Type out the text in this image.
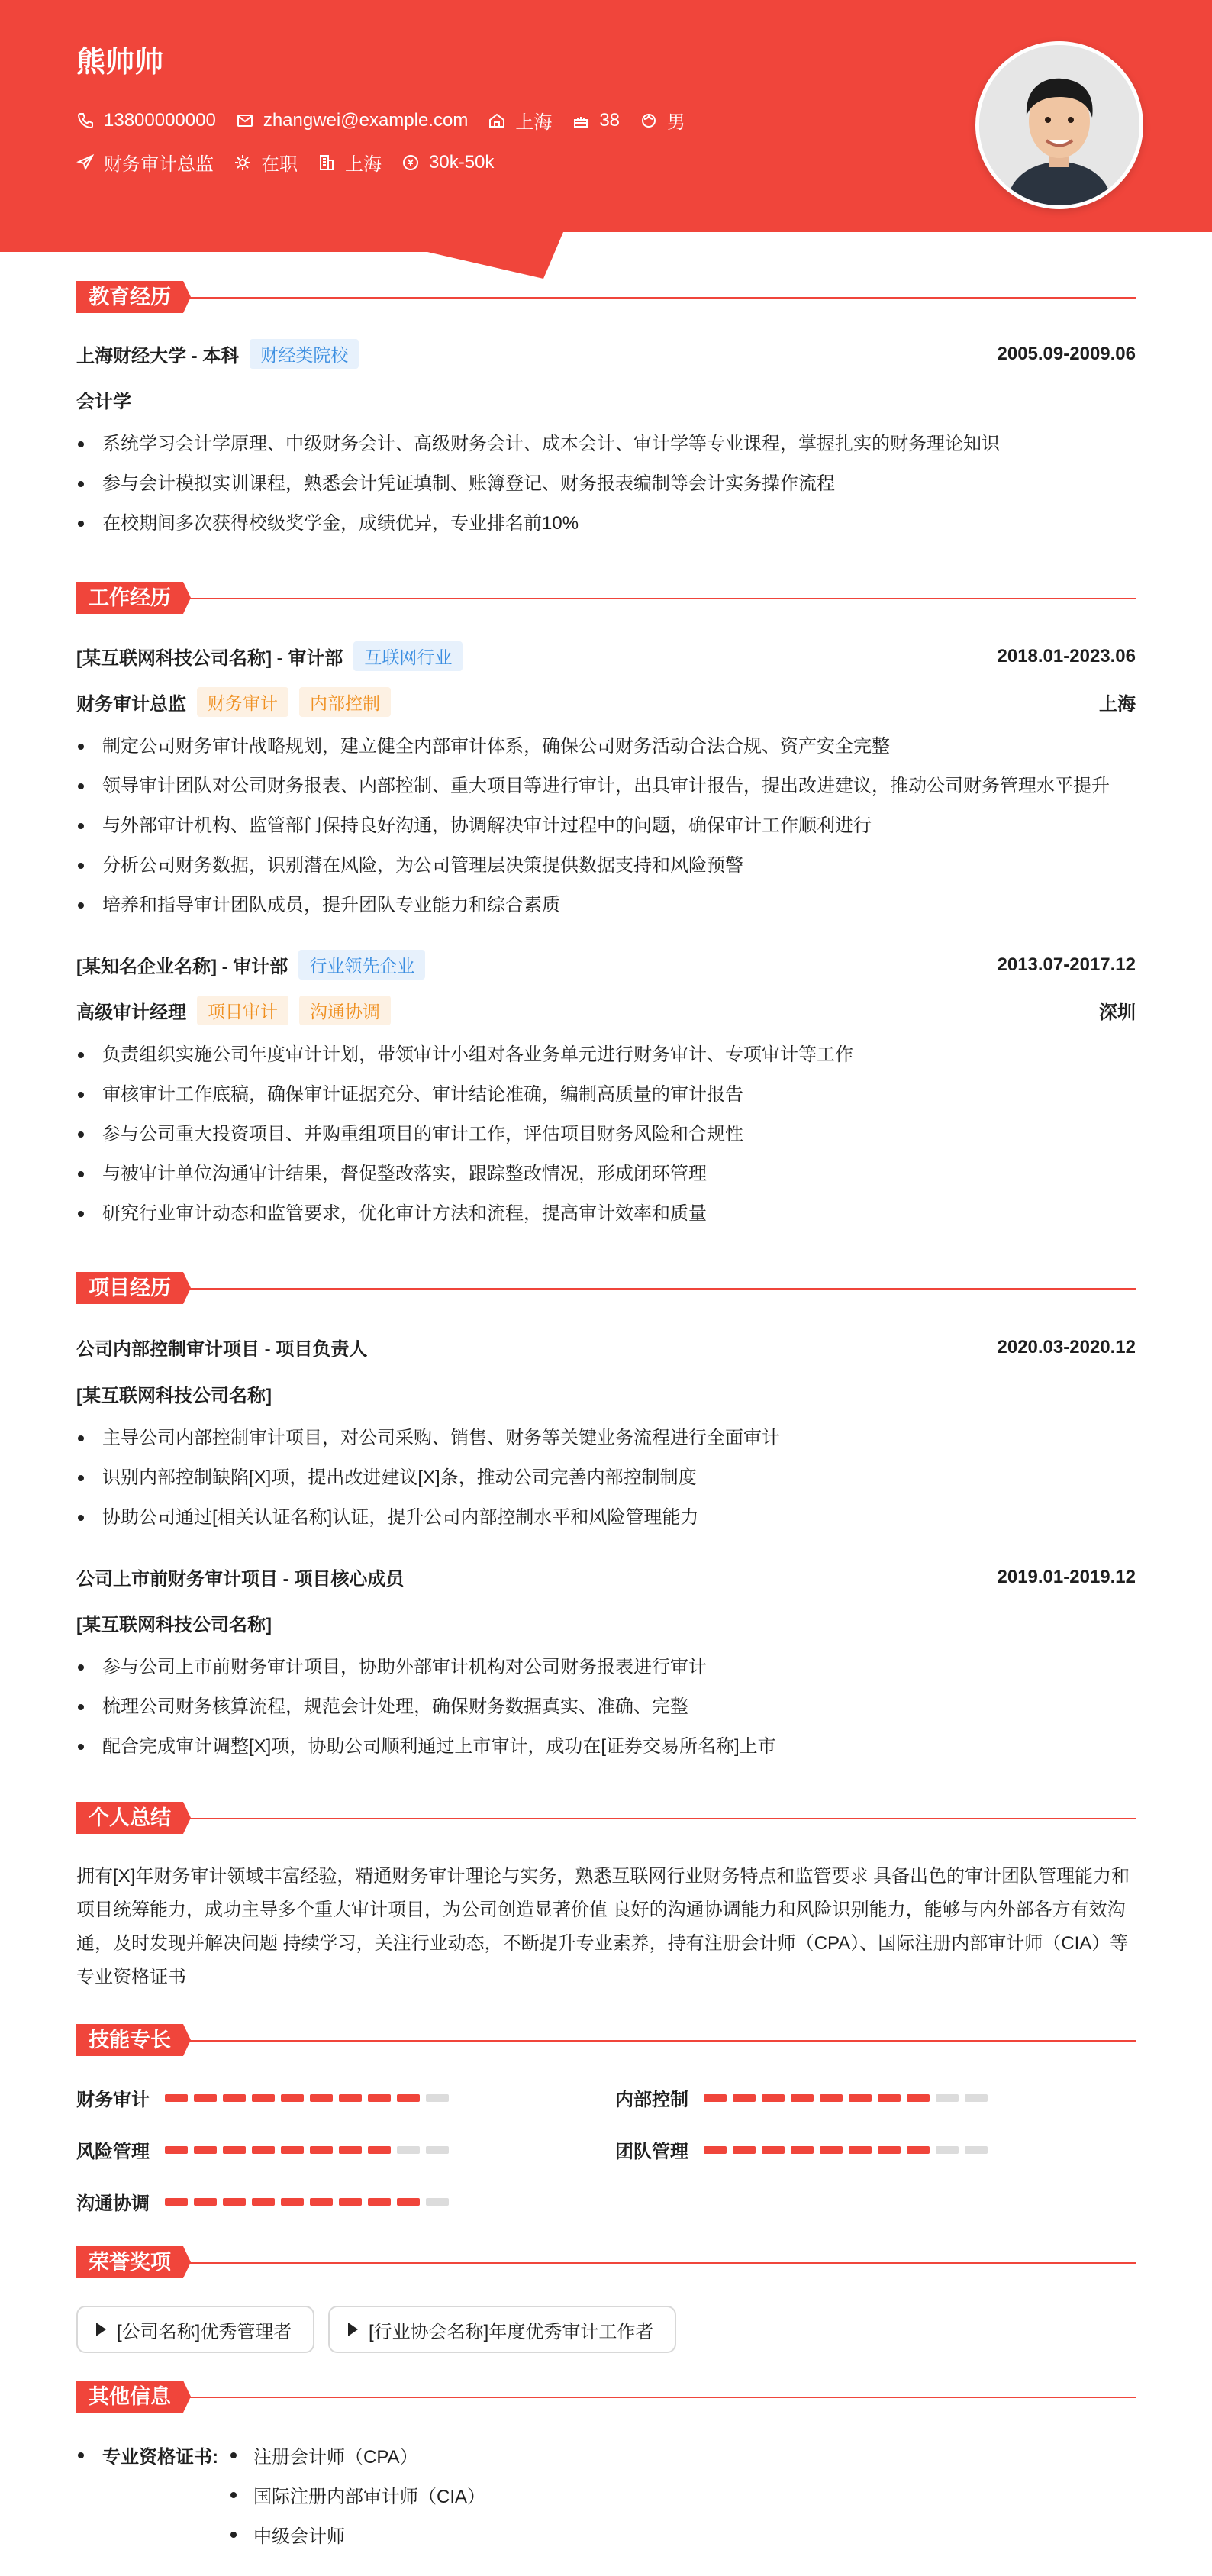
熊帅帅
13800000000	zhangwei@example.com	上海	38	男
财务审计总监	在职	上海	30k-50k
教育经历
上海财经大学 - 本科	财经类院校	2005.09-2009.06
会计学
系统学习会计学原理、中级财务会计、高级财务会计、成本会计、审计学等专业课程，掌握扎实的财务理论知识
参与会计模拟实训课程，熟悉会计凭证填制、账簿登记、财务报表编制等会计实务操作流程
在校期间多次获得校级奖学金，成绩优异，专业排名前10%
工作经历
[某互联网科技公司名称] - 审计部	互联网行业	2018.01-2023.06
财务审计总监	财务审计	内部控制	上海
制定公司财务审计战略规划，建立健全内部审计体系，确保公司财务活动合法合规、资产安全完整
领导审计团队对公司财务报表、内部控制、重大项目等进行审计，出具审计报告，提出改进建议，推动公司财务管理水平提升
与外部审计机构、监管部门保持良好沟通，协调解决审计过程中的问题，确保审计工作顺利进行
分析公司财务数据，识别潜在风险，为公司管理层决策提供数据支持和风险预警
培养和指导审计团队成员，提升团队专业能力和综合素质
[某知名企业名称] - 审计部	行业领先企业	2013.07-2017.12
高级审计经理	项目审计	沟通协调	深圳
负责组织实施公司年度审计计划，带领审计小组对各业务单元进行财务审计、专项审计等工作
审核审计工作底稿，确保审计证据充分、审计结论准确，编制高质量的审计报告
参与公司重大投资项目、并购重组项目的审计工作，评估项目财务风险和合规性
与被审计单位沟通审计结果，督促整改落实，跟踪整改情况，形成闭环管理
研究行业审计动态和监管要求，优化审计方法和流程，提高审计效率和质量
项目经历
公司内部控制审计项目 - 项目负责人	2020.03-2020.12
[某互联网科技公司名称]
主导公司内部控制审计项目，对公司采购、销售、财务等关键业务流程进行全面审计
识别内部控制缺陷[X]项，提出改进建议[X]条，推动公司完善内部控制制度
协助公司通过[相关认证名称]认证，提升公司内部控制水平和风险管理能力
公司上市前财务审计项目 - 项目核心成员	2019.01-2019.12
[某互联网科技公司名称]
参与公司上市前财务审计项目，协助外部审计机构对公司财务报表进行审计
梳理公司财务核算流程，规范会计处理，确保财务数据真实、准确、完整
配合完成审计调整[X]项，协助公司顺利通过上市审计，成功在[证券交易所名称]上市
个人总结
拥有[X]年财务审计领域丰富经验，精通财务审计理论与实务，熟悉互联网行业财务特点和监管要求 具备出色的审计团队管理能力和项目统筹能力，成功主导多个重大审计项目，为公司创造显著价值 良好的沟通协调能力和风险识别能力，能够与内外部各方有效沟通，及时发现并解决问题 持续学习，关注行业动态，不断提升专业素养，持有注册会计师（CPA）、国际注册内部审计师（CIA）等专业资格证书
技能专长
财务审计	内部控制
风险管理	团队管理
沟通协调
荣誉奖项
[公司名称]优秀管理者	[行业协会名称]年度优秀审计工作者
其他信息
专业资格证书: 注册会计师（CPA）
国际注册内部审计师（CIA）
中级会计师
